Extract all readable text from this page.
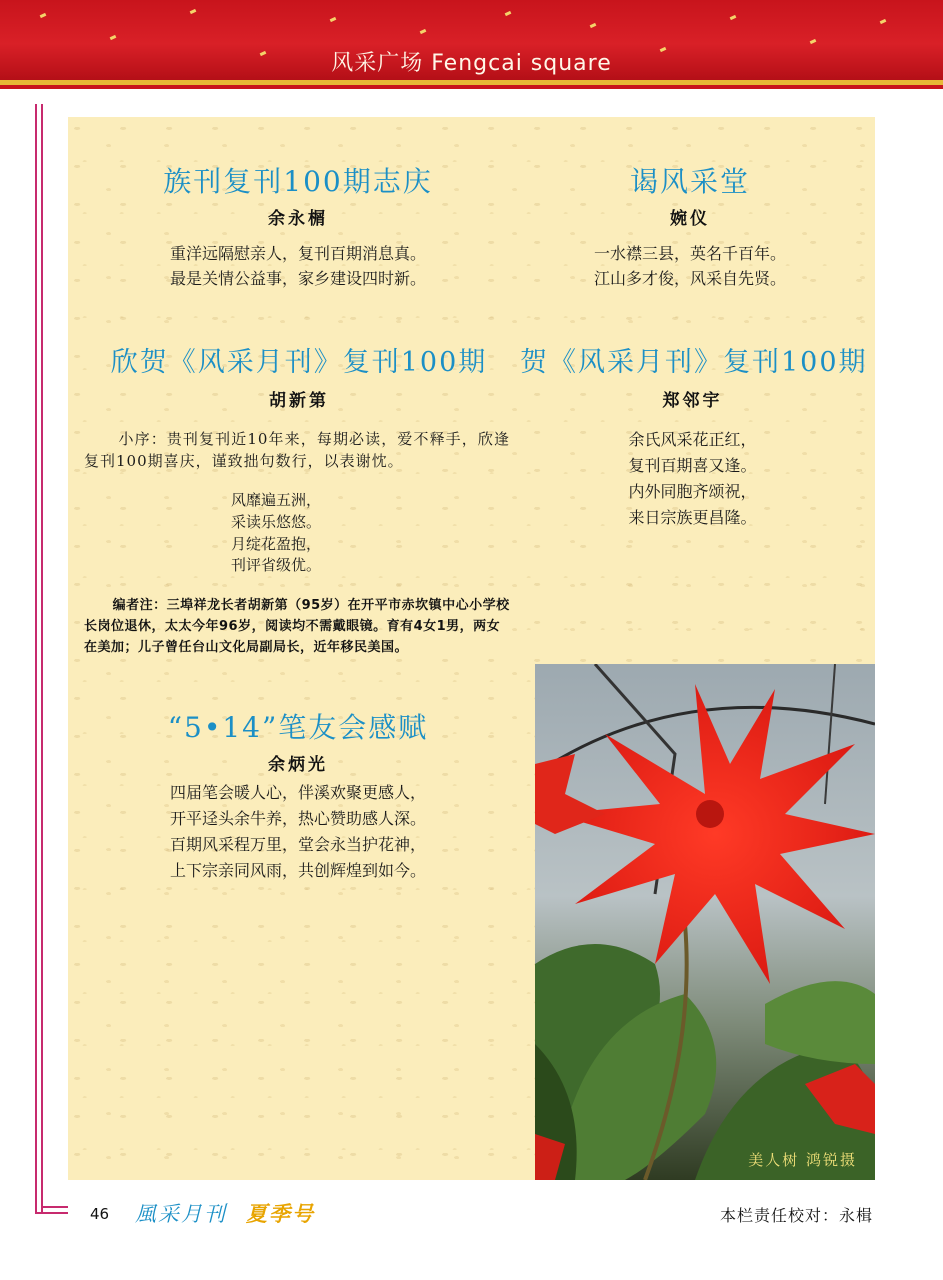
风采广场 Fengcai square
族刊复刊100期志庆
余永榍
重洋远隔慰亲人，复刊百期消息真。
最是关情公益事，家乡建设四时新。
谒风采堂
婉仪
一水襟三县，英名千百年。
江山多才俊，风采自先贤。
欣贺《风采月刊》复刊100期
胡新第
小序：贵刊复刊近10年来，每期必读，爱不释手，欣逢复刊100期喜庆，谨致拙句数行，以表谢忱。
风靡遍五洲，
采读乐悠悠。
月绽花盈抱，
刊评省级优。
编者注：三埠祥龙长者胡新第（95岁）在开平市赤坎镇中心小学校长岗位退休，太太今年96岁，阅读均不需戴眼镜。育有4女1男，两女在美加；儿子曾任台山文化局副局长，近年移民美国。
贺《风采月刊》复刊100期
郑邻宇
余氏风采花正红，
复刊百期喜又逢。
内外同胞齐颂祝，
来日宗族更昌隆。
“5•14”笔友会感赋
余炳光
四届笔会暖人心，伴溪欢聚更感人，
开平迳头余牛养，热心赞助感人深。
百期风采程万里，堂会永当护花神，
上下宗亲同风雨，共创辉煌到如今。
美人树 鸿锐摄
46 風采月刊 夏季号	本栏责任校对：永楫
